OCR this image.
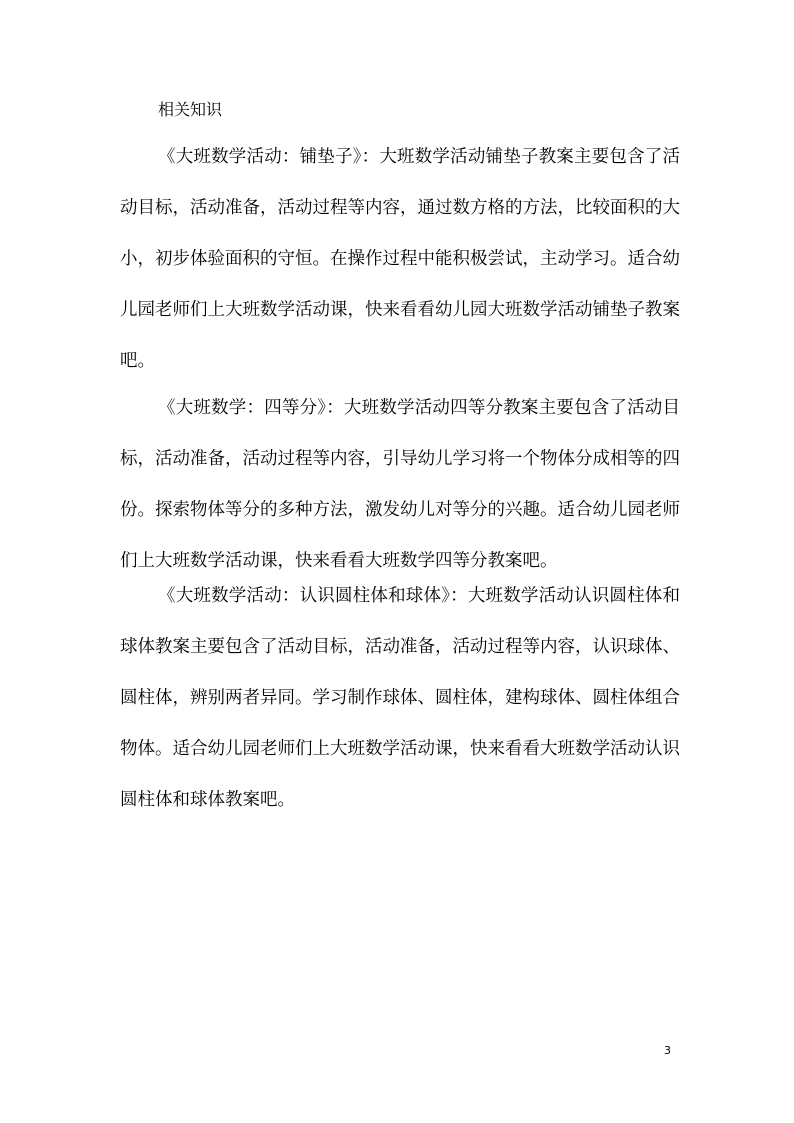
相关知识

《大班数学活动：铺垫子》：大班数学活动铺垫子教案主要包含了活动目标，活动准备，活动过程等内容，通过数方格的方法，比较面积的大小，初步体验面积的守恒。在操作过程中能积极尝试，主动学习。适合幼儿园老师们上大班数学活动课，快来看看幼儿园大班数学活动铺垫子教案吧。

《大班数学：四等分》：大班数学活动四等分教案主要包含了活动目标，活动准备，活动过程等内容，引导幼儿学习将一个物体分成相等的四份。探索物体等分的多种方法，激发幼儿对等分的兴趣。适合幼儿园老师们上大班数学活动课，快来看看大班数学四等分教案吧。

《大班数学活动：认识圆柱体和球体》：大班数学活动认识圆柱体和球体教案主要包含了活动目标，活动准备，活动过程等内容，认识球体、圆柱体，辨别两者异同。学习制作球体、圆柱体，建构球体、圆柱体组合物体。适合幼儿园老师们上大班数学活动课，快来看看大班数学活动认识圆柱体和球体教案吧。

3
